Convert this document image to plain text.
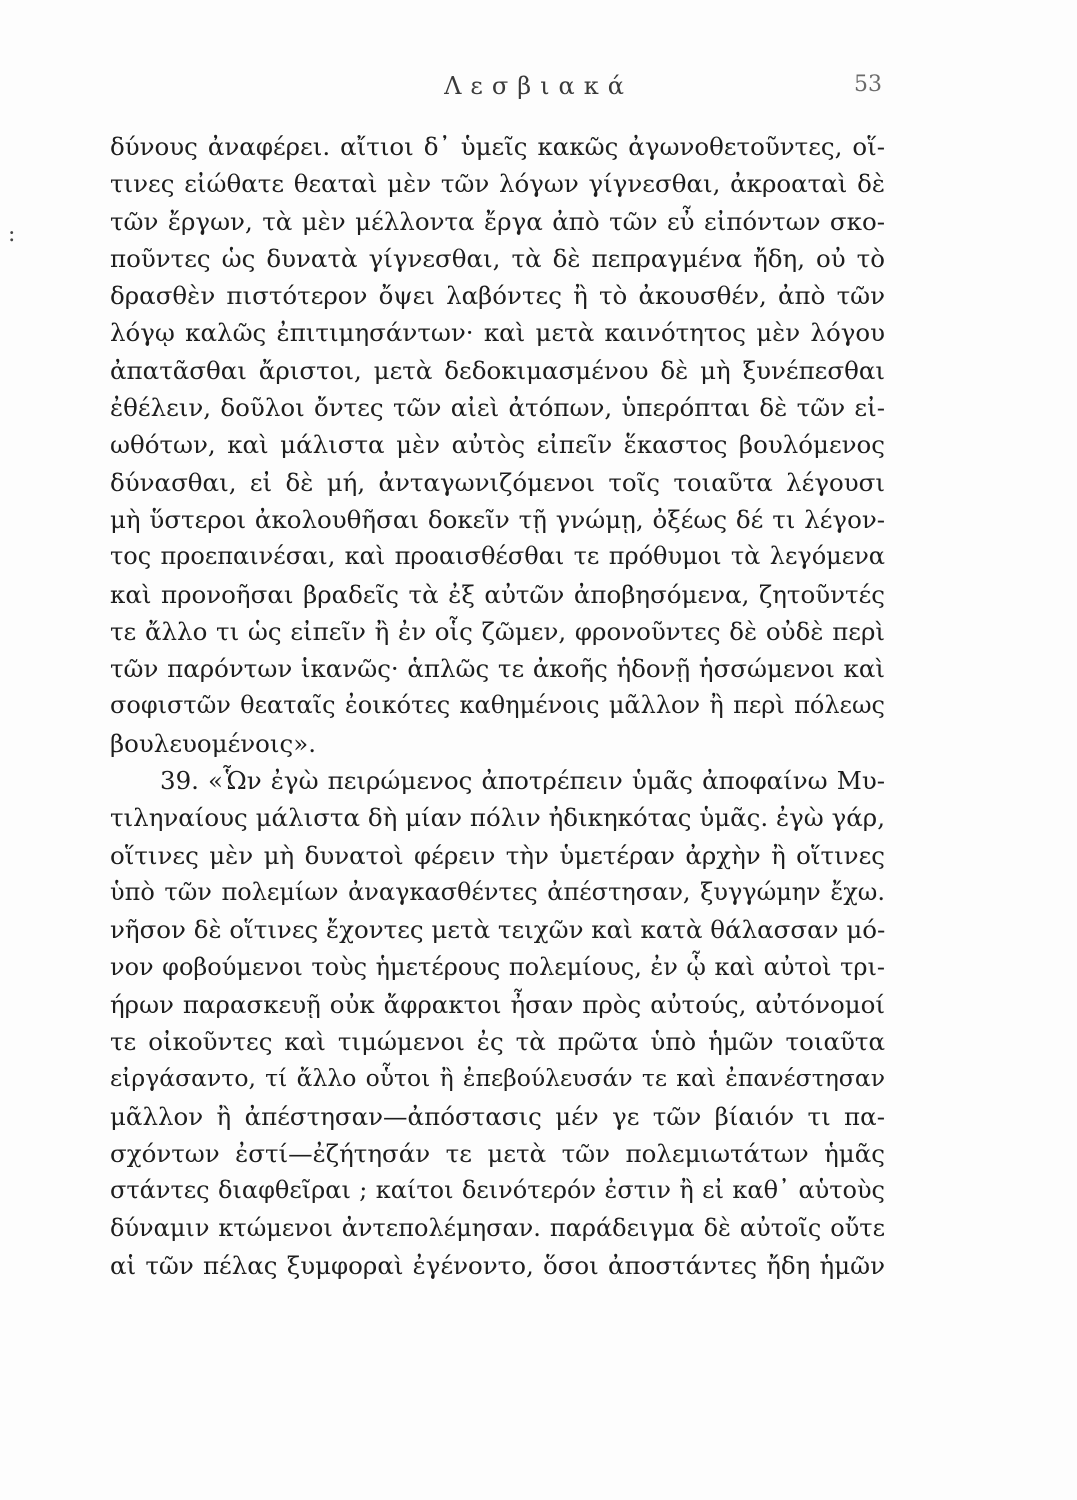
Λεσβιακά	53
:
δύνους ἀναφέρει. αἴτιοι δ᾽ ὑμεῖς κακῶς ἀγωνοθετοῦντες, οἵ-
τινες εἰώθατε θεαταὶ μὲν τῶν λόγων γίγνεσθαι, ἀκροαταὶ δὲ
τῶν ἔργων, τὰ μὲν μέλλοντα ἔργα ἀπὸ τῶν εὖ εἰπόντων σκο-
ποῦντες ὡς δυνατὰ γίγνεσθαι, τὰ δὲ πεπραγμένα ἤδη, οὐ τὸ
δρασθὲν πιστότερον ὄψει λαβόντες ἢ τὸ ἀκουσθέν, ἀπὸ τῶν
λόγῳ καλῶς ἐπιτιμησάντων· καὶ μετὰ καινότητος μὲν λόγου
ἀπατᾶσθαι ἄριστοι, μετὰ δεδοκιμασμένου δὲ μὴ ξυνέπεσθαι
ἐθέλειν, δοῦλοι ὄντες τῶν αἰεὶ ἀτόπων, ὑπερόπται δὲ τῶν εἰ-
ωθότων, καὶ μάλιστα μὲν αὐτὸς εἰπεῖν ἕκαστος βουλόμενος
δύνασθαι, εἰ δὲ μή, ἀνταγωνιζόμενοι τοῖς τοιαῦτα λέγουσι
μὴ ὕστεροι ἀκολουθῆσαι δοκεῖν τῇ γνώμῃ, ὀξέως δέ τι λέγον-
τος προεπαινέσαι, καὶ προαισθέσθαι τε πρόθυμοι τὰ λεγόμενα
καὶ προνοῆσαι βραδεῖς τὰ ἐξ αὐτῶν ἀποβησόμενα, ζητοῦντές
τε ἄλλο τι ὡς εἰπεῖν ἢ ἐν οἷς ζῶμεν, φρονοῦντες δὲ οὐδὲ περὶ
τῶν παρόντων ἱκανῶς· ἁπλῶς τε ἀκοῆς ἡδονῇ ἡσσώμενοι καὶ
σοφιστῶν θεαταῖς ἐοικότες καθημένοις μᾶλλον ἢ περὶ πόλεως
βουλευομένοις».
39. «Ὧν ἐγὼ πειρώμενος ἀποτρέπειν ὑμᾶς ἀποφαίνω Μυ-
τιληναίους μάλιστα δὴ μίαν πόλιν ἠδικηκότας ὑμᾶς. ἐγὼ γάρ,
οἵτινες μὲν μὴ δυνατοὶ φέρειν τὴν ὑμετέραν ἀρχὴν ἢ οἵτινες
ὑπὸ τῶν πολεμίων ἀναγκασθέντες ἀπέστησαν, ξυγγώμην ἔχω.
νῆσον δὲ οἵτινες ἔχοντες μετὰ τειχῶν καὶ κατὰ θάλασσαν μό-
νον φοβούμενοι τοὺς ἡμετέρους πολεμίους, ἐν ᾧ καὶ αὐτοὶ τρι-
ήρων παρασκευῇ οὐκ ἄφρακτοι ἦσαν πρὸς αὐτούς, αὐτόνομοί
τε οἰκοῦντες καὶ τιμώμενοι ἐς τὰ πρῶτα ὑπὸ ἡμῶν τοιαῦτα
εἰργάσαντο, τί ἄλλο οὗτοι ἢ ἐπεβούλευσάν τε καὶ ἐπανέστησαν
μᾶλλον ἢ ἀπέστησαν—ἀπόστασις μέν γε τῶν βίαιόν τι πα-
σχόντων ἐστί—ἐζήτησάν τε μετὰ τῶν πολεμιωτάτων ἡμᾶς
στάντες διαφθεῖραι ; καίτοι δεινότερόν ἐστιν ἢ εἰ καθ᾽ αὑτοὺς
δύναμιν κτώμενοι ἀντεπολέμησαν. παράδειγμα δὲ αὐτοῖς οὔτε
αἱ τῶν πέλας ξυμφοραὶ ἐγένοντο, ὅσοι ἀποστάντες ἤδη ἡμῶν
